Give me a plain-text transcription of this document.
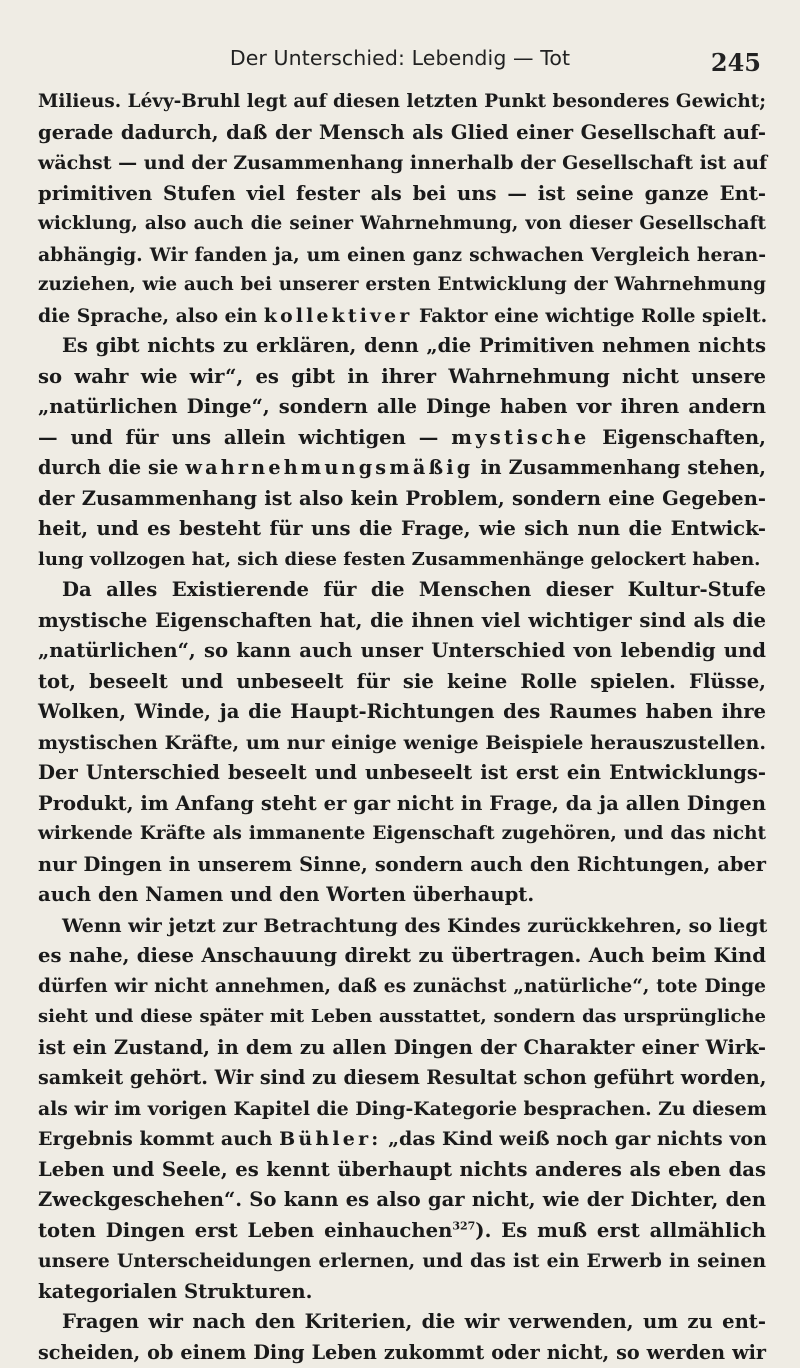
Der Unterschied: Lebendig — Tot	245
Milieus. Lévy-Bruhl legt auf diesen letzten Punkt besonderes Gewicht;
gerade dadurch, daß der Mensch als Glied einer Gesellschaft auf-
wächst — und der Zusammenhang innerhalb der Gesellschaft ist auf
primitiven Stufen viel fester als bei uns — ist seine ganze Ent-
wicklung, also auch die seiner Wahrnehmung, von dieser Gesellschaft
abhängig. Wir fanden ja, um einen ganz schwachen Vergleich heran-
zuziehen, wie auch bei unserer ersten Entwicklung der Wahrnehmung
die Sprache, also ein kollektiver Faktor eine wichtige Rolle spielt.
Es gibt nichts zu erklären, denn „die Primitiven nehmen nichts
so wahr wie wir“, es gibt in ihrer Wahrnehmung nicht unsere
„natürlichen Dinge“, sondern alle Dinge haben vor ihren andern
— und für uns allein wichtigen — mystische Eigenschaften,
durch die sie wahrnehmungsmäßig in Zusammenhang stehen,
der Zusammenhang ist also kein Problem, sondern eine Gegeben-
heit, und es besteht für uns die Frage, wie sich nun die Entwick-
lung vollzogen hat, sich diese festen Zusammenhänge gelockert haben.
Da alles Existierende für die Menschen dieser Kultur-Stufe
mystische Eigenschaften hat, die ihnen viel wichtiger sind als die
„natürlichen“, so kann auch unser Unterschied von lebendig und
tot, beseelt und unbeseelt für sie keine Rolle spielen. Flüsse,
Wolken, Winde, ja die Haupt-Richtungen des Raumes haben ihre
mystischen Kräfte, um nur einige wenige Beispiele herauszustellen.
Der Unterschied beseelt und unbeseelt ist erst ein Entwicklungs-
Produkt, im Anfang steht er gar nicht in Frage, da ja allen Dingen
wirkende Kräfte als immanente Eigenschaft zugehören, und das nicht
nur Dingen in unserem Sinne, sondern auch den Richtungen, aber
auch den Namen und den Worten überhaupt.
Wenn wir jetzt zur Betrachtung des Kindes zurückkehren, so liegt
es nahe, diese Anschauung direkt zu übertragen. Auch beim Kind
dürfen wir nicht annehmen, daß es zunächst „natürliche“, tote Dinge
sieht und diese später mit Leben ausstattet, sondern das ursprüngliche
ist ein Zustand, in dem zu allen Dingen der Charakter einer Wirk-
samkeit gehört. Wir sind zu diesem Resultat schon geführt worden,
als wir im vorigen Kapitel die Ding-Kategorie besprachen. Zu diesem
Ergebnis kommt auch Bühler: „das Kind weiß noch gar nichts von
Leben und Seele, es kennt überhaupt nichts anderes als eben das
Zweckgeschehen“. So kann es also gar nicht, wie der Dichter, den
toten Dingen erst Leben einhauchen$^{327}$). Es muß erst allmählich
unsere Unterscheidungen erlernen, und das ist ein Erwerb in seinen
kategorialen Strukturen.
Fragen wir nach den Kriterien, die wir verwenden, um zu ent-
scheiden, ob einem Ding Leben zukommt oder nicht, so werden wir
